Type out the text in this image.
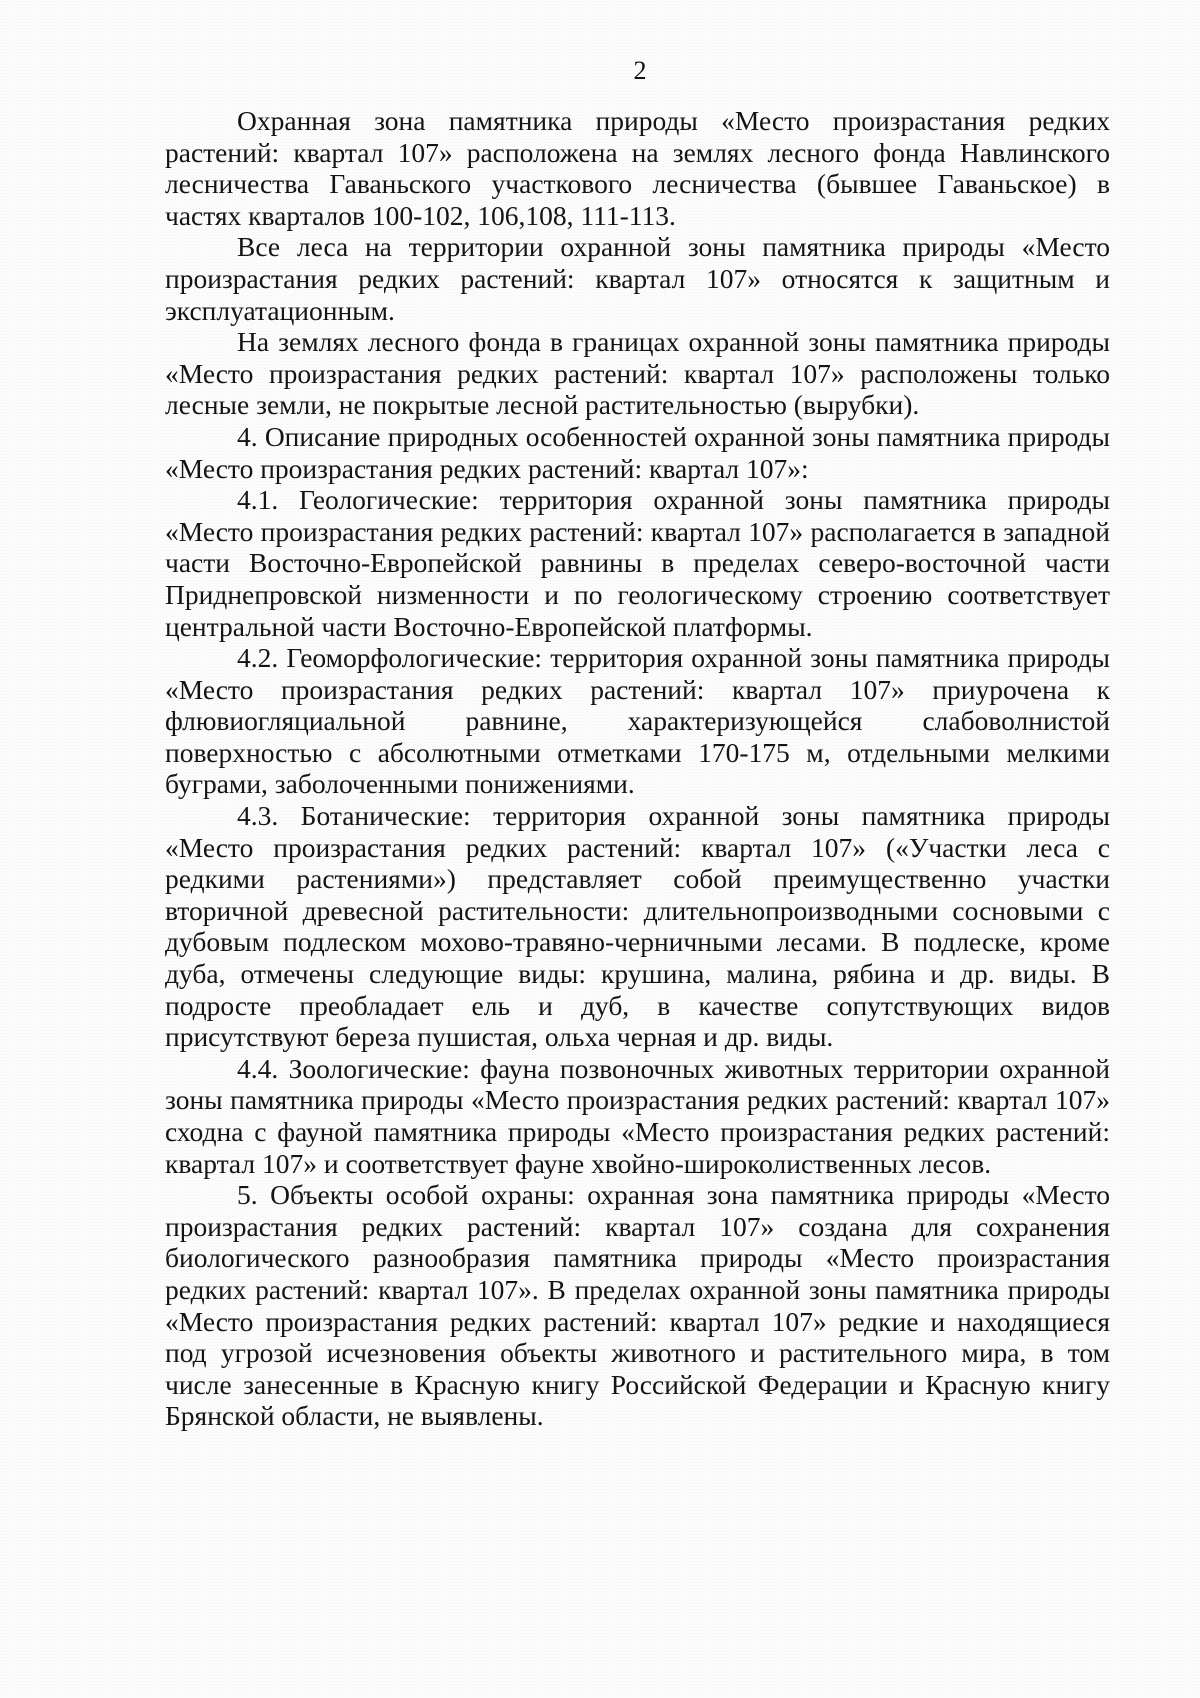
2

Охранная зона памятника природы «Место произрастания редких растений: квартал 107» расположена на землях лесного фонда Навлинского лесничества Гаваньского участкового лесничества (бывшее Гаваньское) в частях кварталов 100-102, 106,108, 111-113.

Все леса на территории охранной зоны памятника природы «Место произрастания редких растений: квартал 107» относятся к защитным и эксплуатационным.

На землях лесного фонда в границах охранной зоны памятника природы «Место произрастания редких растений: квартал 107» расположены только лесные земли, не покрытые лесной растительностью (вырубки).

4. Описание природных особенностей охранной зоны памятника природы «Место произрастания редких растений: квартал 107»:

4.1. Геологические: территория охранной зоны памятника природы «Место произрастания редких растений: квартал 107» располагается в западной части Восточно-Европейской равнины в пределах северо-восточной части Приднепровской низменности и по геологическому строению соответствует центральной части Восточно-Европейской платформы.

4.2. Геоморфологические: территория охранной зоны памятника природы «Место произрастания редких растений: квартал 107» приурочена к флювиогляциальной равнине, характеризующейся слабоволнистой поверхностью с абсолютными отметками 170-175 м, отдельными мелкими буграми, заболоченными понижениями.

4.3. Ботанические: территория охранной зоны памятника природы «Место произрастания редких растений: квартал 107» («Участки леса с редкими растениями») представляет собой преимущественно участки вторичной древесной растительности: длительнопроизводными сосновыми с дубовым подлеском мохово-травяно-черничными лесами. В подлеске, кроме дуба, отмечены следующие виды: крушина, малина, рябина и др. виды. В подросте преобладает ель и дуб, в качестве сопутствующих видов присутствуют береза пушистая, ольха черная и др. виды.

4.4. Зоологические: фауна позвоночных животных территории охранной зоны памятника природы «Место произрастания редких растений: квартал 107» сходна с фауной памятника природы «Место произрастания редких растений: квартал 107» и соответствует фауне хвойно-широколиственных лесов.

5. Объекты особой охраны: охранная зона памятника природы «Место произрастания редких растений: квартал 107» создана для сохранения биологического разнообразия памятника природы «Место произрастания редких растений: квартал 107». В пределах охранной зоны памятника природы «Место произрастания редких растений: квартал 107» редкие и находящиеся под угрозой исчезновения объекты животного и растительного мира, в том числе занесенные в Красную книгу Российской Федерации и Красную книгу Брянской области, не выявлены.
